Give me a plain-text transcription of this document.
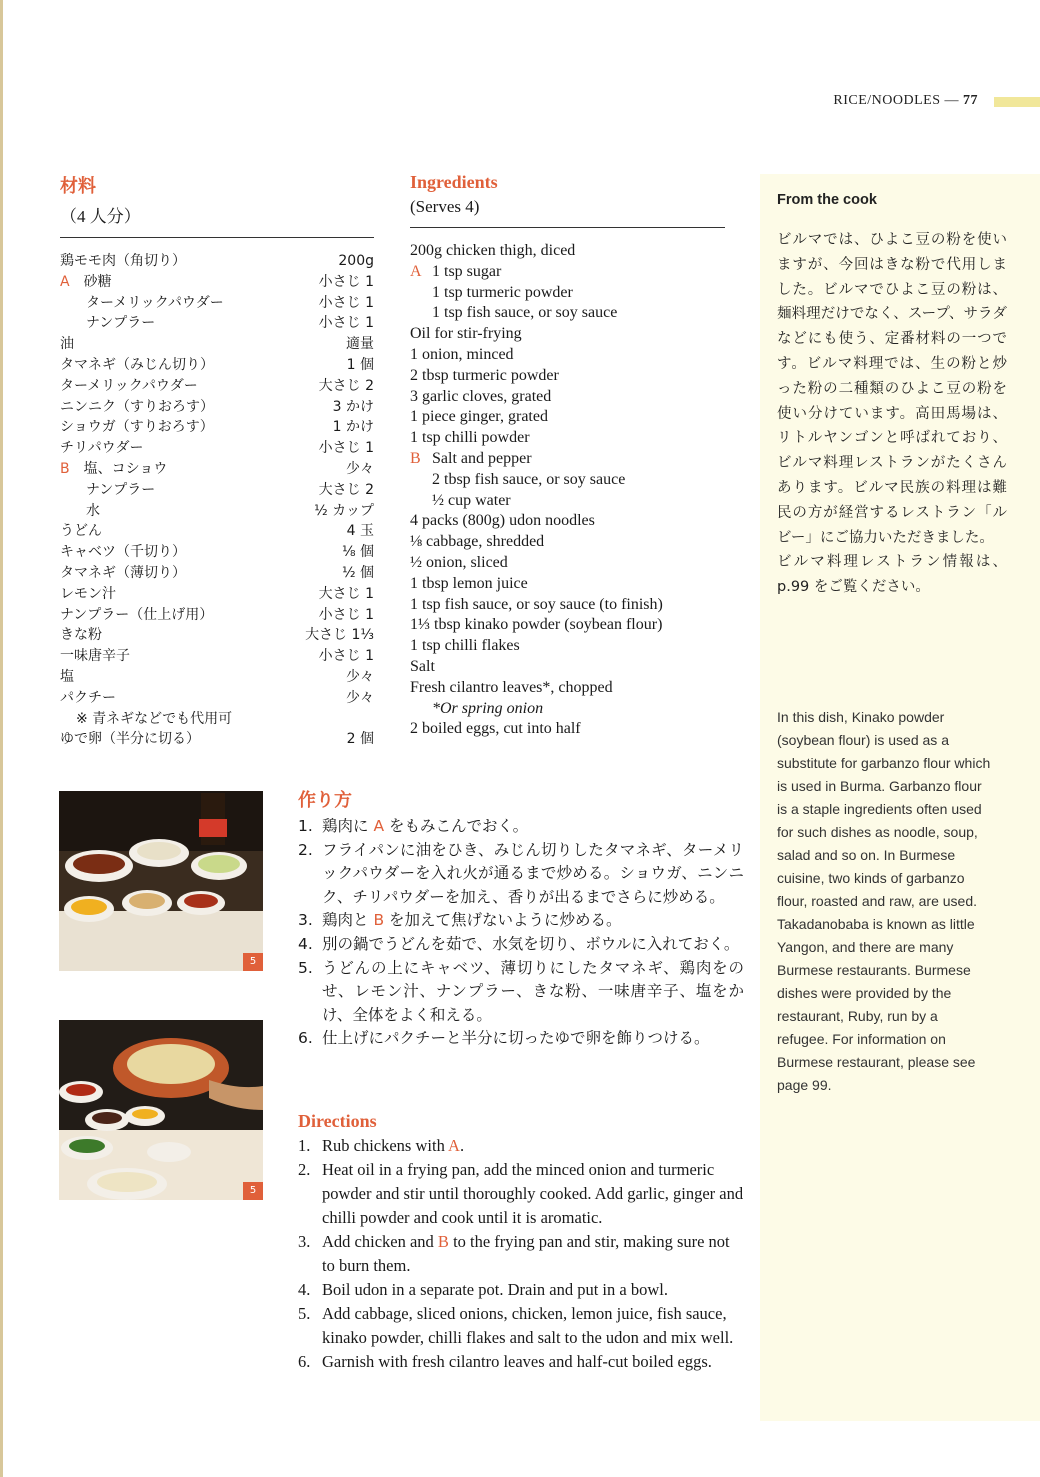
RICE/NOODLES — 77
材料
（4 人分）
鶏モモ肉（角切り）	200g
A　 砂糖	小さじ 1
ターメリックパウダー	小さじ 1
ナンプラー	小さじ 1
油	適量
タマネギ（みじん切り）	1 個
ターメリックパウダー	大さじ 2
ニンニク（すりおろす）	3 かけ
ショウガ（すりおろす）	1 かけ
チリパウダー	小さじ 1
B　 塩、コショウ	少々
ナンプラー	大さじ 2
水	½ カップ
うどん	4 玉
キャベツ（千切り）	⅛ 個
タマネギ（薄切り）	½ 個
レモン汁	大さじ 1
ナンプラー（仕上げ用）	小さじ 1
きな粉	大さじ 1⅓
一味唐辛子	小さじ 1
塩	少々
パクチー	少々
※ 青ネギなどでも代用可
ゆで卵（半分に切る）	2 個
Ingredients
(Serves 4)
200g chicken thigh, diced
A 1 tsp sugar
1 tsp turmeric powder
1 tsp fish sauce, or soy sauce
Oil for stir-frying
1 onion, minced
2 tbsp turmeric powder
3 garlic cloves, grated
1 piece ginger, grated
1 tsp chilli powder
B Salt and pepper
2 tbsp fish sauce, or soy sauce
½ cup water
4 packs (800g) udon noodles
⅛ cabbage, shredded
½ onion, sliced
1 tbsp lemon juice
1 tsp fish sauce, or soy sauce (to finish)
1⅓ tbsp kinako powder (soybean flour)
1 tsp chilli flakes
Salt
Fresh cilantro leaves*, chopped
*Or spring onion
2 boiled eggs, cut into half
5
5
作り方
1. 鶏肉に A をもみこんでおく。
2. フライパンに油をひき、みじん切りしたタマネギ、ターメリックパウダーを入れ火が通るまで炒める。ショウガ、ニンニク、チリパウダーを加え、香りが出るまでさらに炒める。
3. 鶏肉と B を加えて焦げないように炒める。
4. 別の鍋でうどんを茹で、水気を切り、ボウルに入れておく。
5. うどんの上にキャベツ、薄切りにしたタマネギ、鶏肉をのせ、レモン汁、ナンプラー、きな粉、一味唐辛子、塩をかけ、全体をよく和える。
6. 仕上げにパクチーと半分に切ったゆで卵を飾りつける。
Directions
1. Rub chickens with A.
2. Heat oil in a frying pan, add the minced onion and turmeric powder and stir until thoroughly cooked. Add garlic, ginger and chilli powder and cook until it is aromatic.
3. Add chicken and B to the frying pan and stir, making sure not to burn them.
4. Boil udon in a separate pot. Drain and put in a bowl.
5. Add cabbage, sliced onions, chicken, lemon juice, fish sauce, kinako powder, chilli flakes and salt to the udon and mix well.
6. Garnish with fresh cilantro leaves and half-cut boiled eggs.
From the cook
ビルマでは、ひよこ豆の粉を使いますが、今回はきな粉で代用しました。ビルマでひよこ豆の粉は、麺料理だけでなく、スープ、サラダなどにも使う、定番材料の一つです。ビルマ料理では、生の粉と炒った粉の二種類のひよこ豆の粉を使い分けています。高田馬場は、リトルヤンゴンと呼ばれており、ビルマ料理レストランがたくさんあります。ビルマ民族の料理は難民の方が経営するレストラン「ルビー」にご協力いただきました。
ビルマ料理レストラン情報は、p.99 をご覧ください。
In this dish, Kinako powder (soybean flour) is used as a substitute for garbanzo flour which is used in Burma. Garbanzo flour is a staple ingredients often used for such dishes as noodle, soup, salad and so on. In Burmese cuisine, two kinds of garbanzo flour, roasted and raw, are used. Takadanobaba is known as little Yangon, and there are many Burmese restaurants. Burmese dishes were provided by the restaurant, Ruby, run by a refugee. For information on Burmese restaurant, please see page 99.
